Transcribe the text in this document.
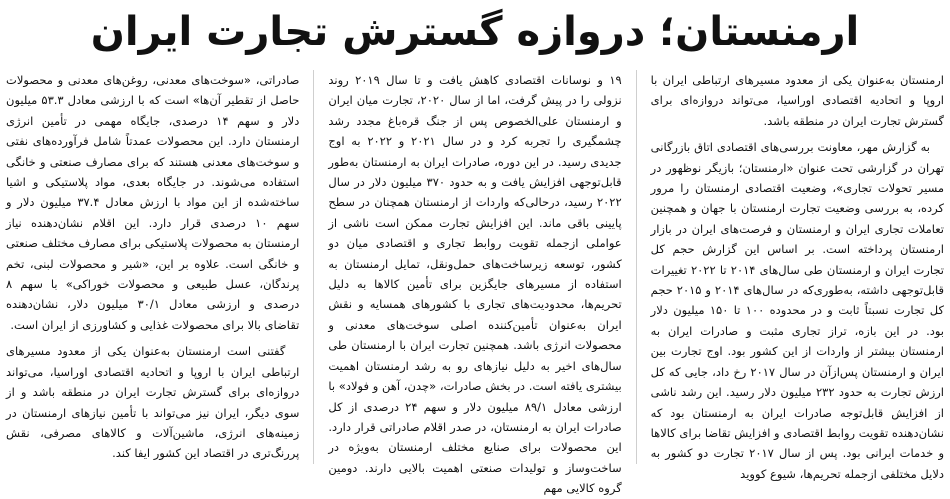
ارمنستان؛ دروازه گسترش تجارت ایران

ارمنستان به‌عنوان یکی از معدود مسیرهای ارتباطی ایران با اروپا و اتحادیه اقتصادی اوراسیا، می‌تواند دروازه‌ای برای گسترش تجارت ایران در منطقه باشد.

به گزارش مهر، معاونت بررسی‌های اقتصادی اتاق بازرگانی تهران در گزارشی تحت عنوان «ارمنستان؛ بازیگر نوظهور در مسیر تحولات تجاری»، وضعیت اقتصادی ارمنستان را مرور کرده، به بررسی وضعیت تجارت ارمنستان با جهان و همچنین تعاملات تجاری ایران و ارمنستان و فرصت‌های ایران در بازار ارمنستان پرداخته است. بر اساس این گزارش حجم کل تجارت ایران و ارمنستان طی سال‌های ۲۰۱۴ تا ۲۰۲۲ تغییرات قابل‌توجهی داشته، به‌طوری‌که در سال‌های ۲۰۱۴ و ۲۰۱۵ حجم کل تجارت نسبتاً ثابت و در محدوده ۱۰۰ تا ۱۵۰ میلیون دلار بود. در این بازه، تراز تجاری مثبت و صادرات ایران به ارمنستان بیشتر از واردات از این کشور بود. اوج تجارت بین ایران و ارمنستان پس‌ازآن در سال ۲۰۱۷ رخ داد، جایی که کل ارزش تجارت به حدود ۲۳۲ میلیون دلار رسید. این رشد ناشی از افزایش قابل‌توجه صادرات ایران به ارمنستان بود که نشان‌دهنده تقویت روابط اقتصادی و افزایش تقاضا برای کالاها و خدمات ایرانی بود. پس از سال ۲۰۱۷ تجارت دو کشور به دلایل مختلفی ازجمله تحریم‌ها، شیوع کووید

۱۹ و نوسانات اقتصادی کاهش یافت و تا سال ۲۰۱۹ روند نزولی را در پیش گرفت، اما از سال ۲۰۲۰، تجارت میان ایران و ارمنستان علی‌الخصوص پس از جنگ قره‌باغ مجدد رشد چشمگیری را تجربه کرد و در سال ۲۰۲۱ و ۲۰۲۲ به اوج جدیدی رسید. در این دوره، صادرات ایران به ارمنستان به‌طور قابل‌توجهی افزایش یافت و به حدود ۳۷۰ میلیون دلار در سال ۲۰۲۲ رسید، درحالی‌که واردات از ارمنستان همچنان در سطح پایینی باقی ماند. این افزایش تجارت ممکن است ناشی از عواملی ازجمله تقویت روابط تجاری و اقتصادی میان دو کشور، توسعه زیرساخت‌های حمل‌ونقل، تمایل ارمنستان به استفاده از مسیرهای جایگزین برای تأمین کالاها به دلیل تحریم‌ها، محدودیت‌های تجاری با کشورهای همسایه و نقش ایران به‌عنوان تأمین‌کننده اصلی سوخت‌های معدنی و محصولات انرژی باشد. همچنین تجارت ایران با ارمنستان طی سال‌های اخیر به دلیل نیازهای رو به رشد ارمنستان اهمیت بیشتری یافته است. در بخش صادرات، «چدن، آهن و فولاد» با ارزشی معادل ۸۹/۱ میلیون دلار و سهم ۲۴ درصدی از کل صادرات ایران به ارمنستان، در صدر اقلام صادراتی قرار دارد. این محصولات برای صنایع مختلف ارمنستان به‌ویژه در ساخت‌وساز و تولیدات صنعتی اهمیت بالایی دارند. دومین گروه کالایی مهم

صادراتی، «سوخت‌های معدنی، روغن‌های معدنی و محصولات حاصل از تقطیر آن‌ها» است که با ارزشی معادل ۵۳.۳ میلیون دلار و سهم ۱۴ درصدی، جایگاه مهمی در تأمین انرژی ارمنستان دارد. این محصولات عمدتاً شامل فرآورده‌های نفتی و سوخت‌های معدنی هستند که برای مصارف صنعتی و خانگی استفاده می‌شوند. در جایگاه بعدی، مواد پلاستیکی و اشیا ساخته‌شده از این مواد با ارزش معادل ۳۷.۴ میلیون دلار و سهم ۱۰ درصدی قرار دارد. این اقلام نشان‌دهنده نیاز ارمنستان به محصولات پلاستیکی برای مصارف مختلف صنعتی و خانگی است. علاوه بر این، «شیر و محصولات لبنی، تخم پرندگان، عسل طبیعی و محصولات خوراکی» با سهم ۸ درصدی و ارزشی معادل ۳۰/۱ میلیون دلار، نشان‌دهنده تقاضای بالا برای محصولات غذایی و کشاورزی از ایران است.

گفتنی است ارمنستان به‌عنوان یکی از معدود مسیرهای ارتباطی ایران با اروپا و اتحادیه اقتصادی اوراسیا، می‌تواند دروازه‌ای برای گسترش تجارت ایران در منطقه باشد و از سوی دیگر، ایران نیز می‌تواند با تأمین نیازهای ارمنستان در زمینه‌های انرژی، ماشین‌آلات و کالاهای مصرفی، نقش پررنگ‌تری در اقتصاد این کشور ایفا کند.
